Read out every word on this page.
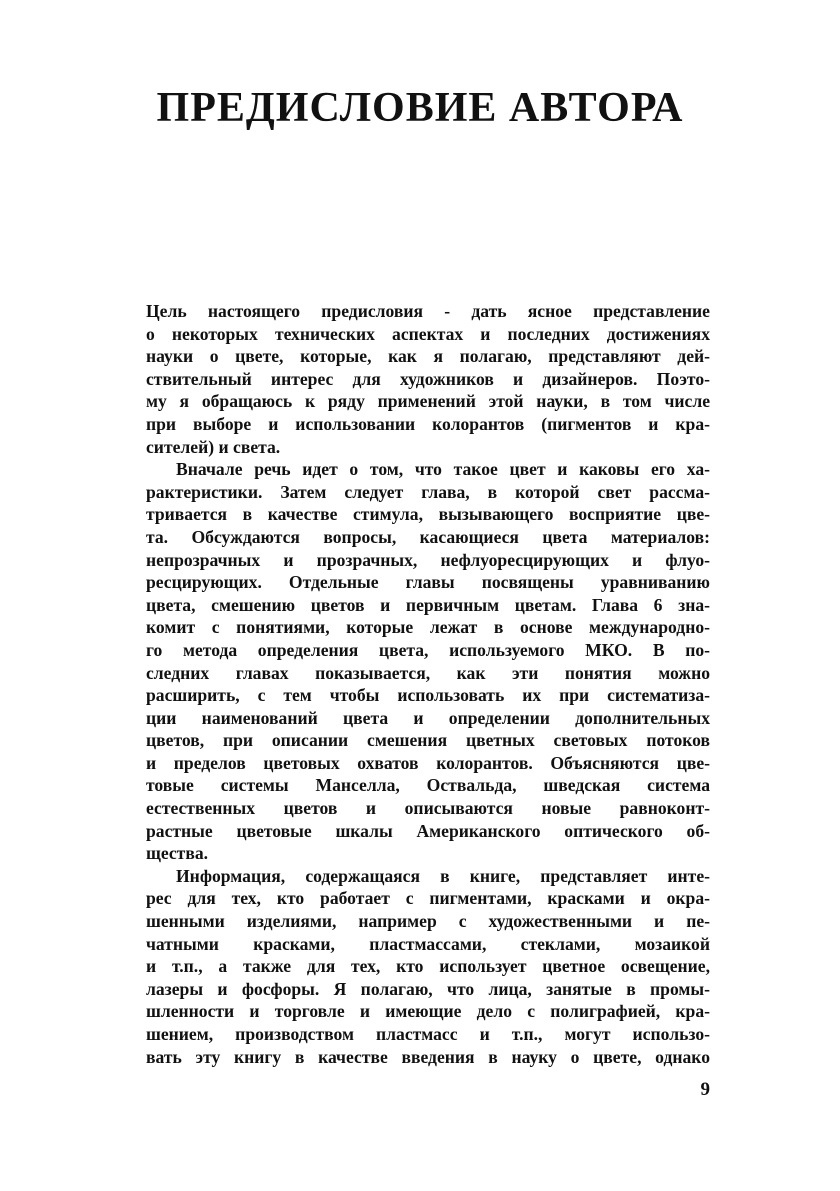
ПРЕДИСЛОВИЕ АВТОРА
Цель настоящего предисловия - дать ясное представление
о некоторых технических аспектах и последних достижениях
науки о цвете, которые, как я полагаю, представляют дей-
ствительный интерес для художников и дизайнеров. Поэто-
му я обращаюсь к ряду применений этой науки, в том числе
при выборе и использовании колорантов (пигментов и кра-
сителей) и света.
Вначале речь идет о том, что такое цвет и каковы его ха-
рактеристики. Затем следует глава, в которой свет рассма-
тривается в качестве стимула, вызывающего восприятие цве-
та. Обсуждаются вопросы, касающиеся цвета материалов:
непрозрачных и прозрачных, нефлуоресцирующих и флуо-
ресцирующих. Отдельные главы посвящены уравниванию
цвета, смешению цветов и первичным цветам. Глава 6 зна-
комит с понятиями, которые лежат в основе международно-
го метода определения цвета, используемого МКО. В по-
следних главах показывается, как эти понятия можно
расширить, с тем чтобы использовать их при систематиза-
ции наименований цвета и определении дополнительных
цветов, при описании смешения цветных световых потоков
и пределов цветовых охватов колорантов. Объясняются цве-
товые системы Манселла, Оствальда, шведская система
естественных цветов и описываются новые равноконт-
растные цветовые шкалы Американского оптического об-
щества.
Информация, содержащаяся в книге, представляет инте-
рес для тех, кто работает с пигментами, красками и окра-
шенными изделиями, например с художественными и пе-
чатными красками, пластмассами, стеклами, мозаикой
и т.п., а также для тех, кто использует цветное освещение,
лазеры и фосфоры. Я полагаю, что лица, занятые в промы-
шленности и торговле и имеющие дело с полиграфией, кра-
шением, производством пластмасс и т.п., могут использо-
вать эту книгу в качестве введения в науку о цвете, однако
9
